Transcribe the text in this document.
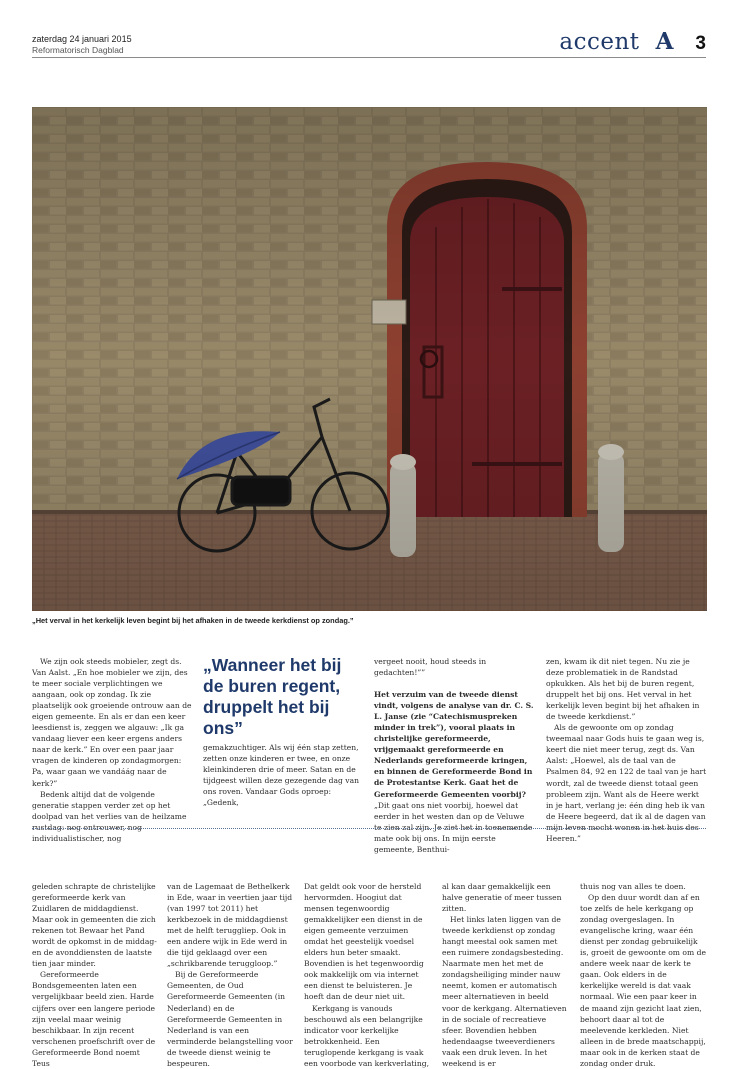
zaterdag 24 januari 2015
Reformatorisch Dagblad	accent A 3
„Het verval in het kerkelijk leven begint bij het afhaken in de tweede kerkdienst op zondag.”

We zijn ook steeds mobieler, zegt ds. Van Aalst. „En hoe mobieler we zijn, des te meer sociale verplichtingen we aangaan, ook op zondag. Ik zie plaatselijk ook groeiende ontrouw aan de eigen gemeente. En als er dan een keer leesdienst is, zeggen we algauw: „Ik ga vandaag liever een keer ergens anders naar de kerk.” En over een paar jaar vragen de kinderen op zondagmorgen: Pa, waar gaan we vandáág naar de kerk?”

Bedenk altijd dat de volgende generatie stappen verder zet op het doolpad van het verlies van de heilzame rustdag: nog ontrouwer, nog individualistischer, nog

„Wanneer het bij de buren regent, druppelt het bij ons”

gemakzuchtiger. Als wij één stap zetten, zetten onze kinderen er twee, en onze kleinkinderen drie of meer. Satan en de tijdgeest willen deze gezegende dag van ons roven. Vandaar Gods oproep: „Gedenk,

vergeet nooit, houd steeds in gedachten!””

Het verzuim van de tweede dienst vindt, volgens de analyse van dr. C. S. L. Janse (zie “Catechismuspreken minder in trek”), vooral plaats in christelijke gereformeerde, vrijgemaakt gereformeerde en Nederlands gereformeerde kringen, en binnen de Gereformeerde Bond in de Protestantse Kerk. Gaat het de Gereformeerde Gemeenten voorbij?

„Dit gaat ons niet voorbij, hoewel dat eerder in het westen dan op de Veluwe te zien zal zijn. Je ziet het in toenemende mate ook bij ons. In mijn eerste gemeente, Benthui-

zen, kwam ik dit niet tegen. Nu zie je deze problematiek in de Randstad opkukken. Als het bij de buren regent, druppelt het bij ons. Het verval in het kerkelijk leven begint bij het afhaken in de tweede kerkdienst.”

Als de gewoonte om op zondag tweemaal naar Gods huis te gaan weg is, keert die niet meer terug, zegt ds. Van Aalst: „Hoewel, als de taal van de Psalmen 84, 92 en 122 de taal van je hart wordt, zal de tweede dienst totaal geen probleem zijn. Want als de Heere werkt in je hart, verlang je: één ding heb ik van de Heere begeerd, dat ik al de dagen van mijn leven mocht wonen in het huis des Heeren.”

geleden schrapte de christelijke gereformeerde kerk van Zuidlaren de middagdienst. Maar ook in gemeenten die zich rekenen tot Bewaar het Pand wordt de opkomst in de middag- en de avonddiensten de laatste tien jaar minder.

Gereformeerde Bondsgemeenten laten een vergelijkbaar beeld zien. Harde cijfers over een langere periode zijn veelal maar weinig beschikbaar. In zijn recent verschenen proefschrift over de Gereformeerde Bond noemt Teus

van de Lagemaat de Bethelkerk in Ede, waar in veertien jaar tijd (van 1997 tot 2011) het kerkbezoek in de middagdienst met de helft teruggliep. Ook in een andere wijk in Ede werd in die tijd geklaagd over een „schrikbarende teruggloop.”

Bij de Gereformeerde Gemeenten, de Oud Gereformeerde Gemeenten (in Nederland) en de Gereformeerde Gemeenten in Nederland is van een verminderde belangstelling voor de tweede dienst weinig te bespeuren.

Dat geldt ook voor de hersteld hervormden. Hoogiut dat mensen tegenwoordig gemakkelijker een dienst in de eigen gemeente verzuimen omdat het geestelijk voedsel elders hun beter smaakt. Bovendien is het tegenwoordig ook makkelijk om via internet een dienst te beluisteren. Je hoeft dan de deur niet uit.

Kerkgang is vanouds beschouwd als een belangrijke indicator voor kerkelijke betrokkenheid. Een teruglopende kerkgang is vaak een voorbode van kerkverlating,

al kan daar gemakkelijk een halve generatie of meer tussen zitten.

Het links laten liggen van de tweede kerkdienst op zondag hangt meestal ook samen met een ruimere zondagsbesteding. Naarmate men het met de zondagsheiliging minder nauw neemt, komen er automatisch meer alternatieven in beeld voor de kerkgang. Alternatieven in de sociale of recreatieve sfeer. Bovendien hebben hedendaagse tweeverdieners vaak een druk leven. In het weekend is er

thuis nog van alles te doen.

Op den duur wordt dan af en toe zelfs de hele kerkgang op zondag overgeslagen. In evangelische kring, waar één dienst per zondag gebruikelijk is, groeit de gewoonte om om de andere week naar de kerk te gaan. Ook elders in de kerkelijke wereld is dat vaak normaal. Wie een paar keer in de maand zijn gezicht laat zien, behoort daar al tot de meelevende kerkleden. Niet alleen in de brede maatschappij, maar ook in de kerken staat de zondag onder druk.
